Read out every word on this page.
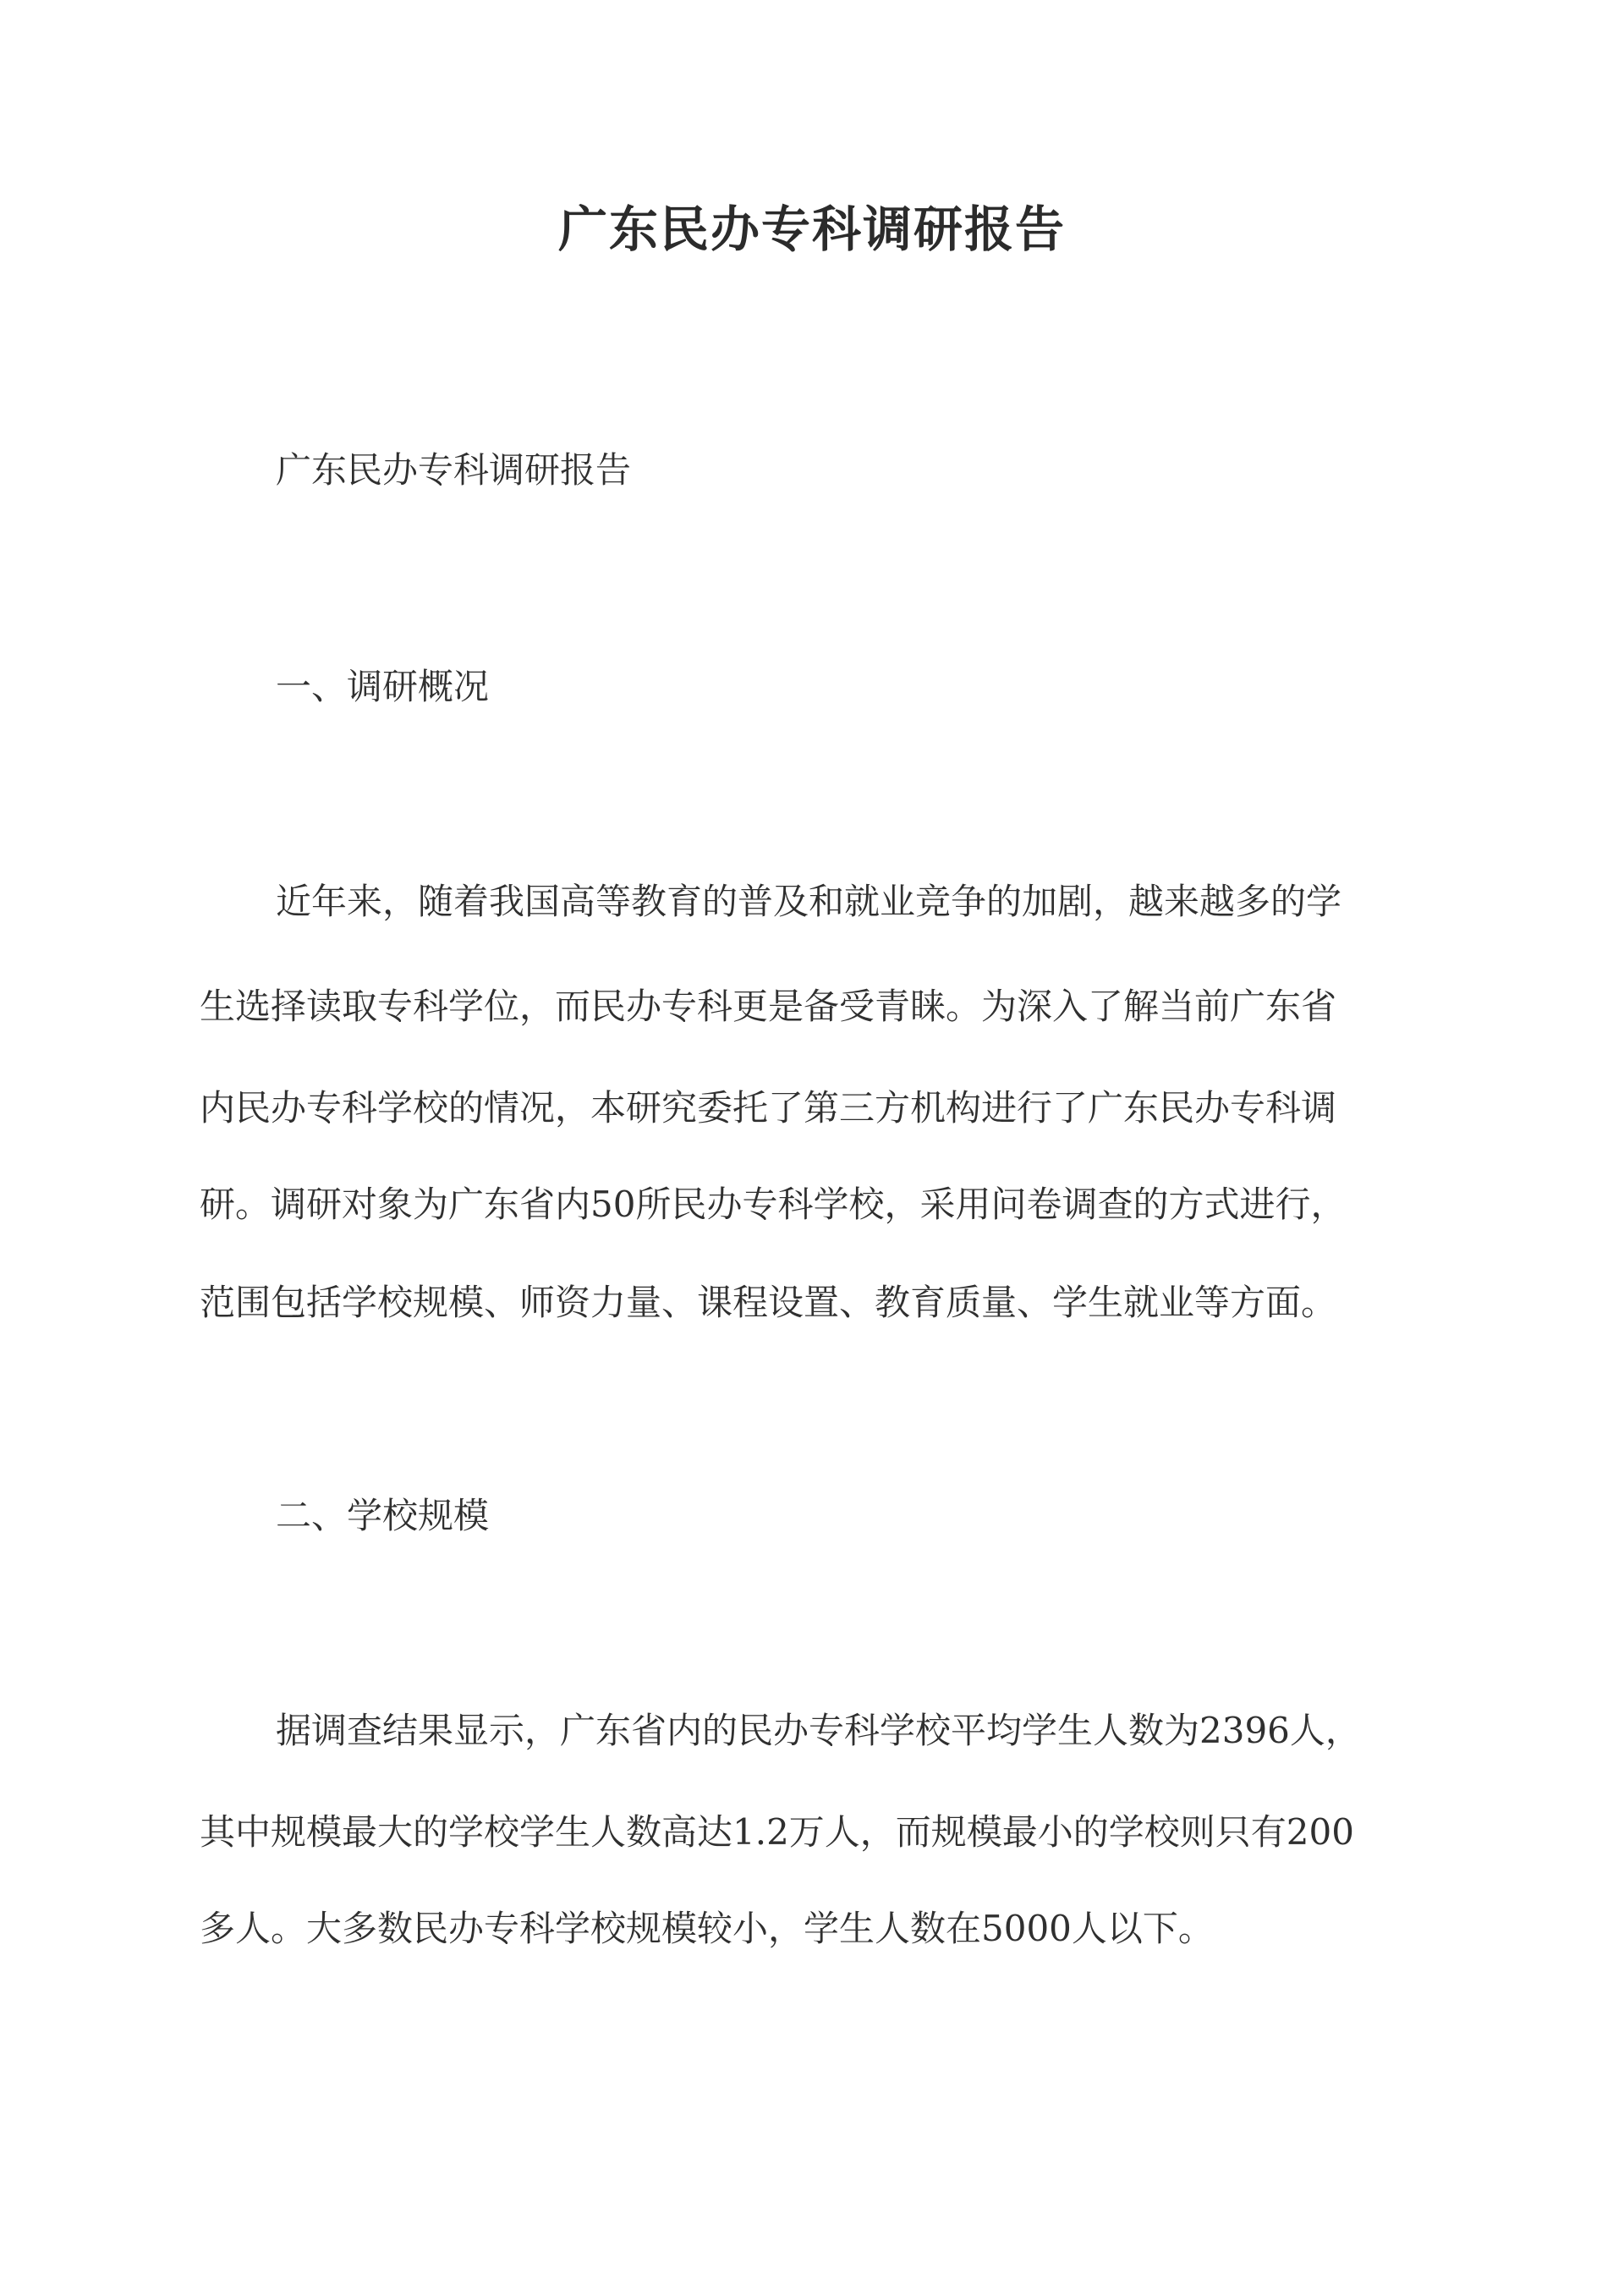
广东民办专科调研报告
广东民办专科调研报告
一、调研概况
近年来，随着我国高等教育的普及和就业竞争的加剧，越来越多的学
生选择读取专科学位，而民办专科更是备受青睐。为深入了解当前广东省
内民办专科学校的情况，本研究委托了第三方机构进行了广东民办专科调
研。调研对象为广东省内50所民办专科学校，采用问卷调查的方式进行，
范围包括学校规模、师资力量、课程设置、教育质量、学生就业等方面。
二、学校规模
据调查结果显示，广东省内的民办专科学校平均学生人数为2396人，
其中规模最大的学校学生人数高达1.2万人，而规模最小的学校则只有200
多人。大多数民办专科学校规模较小，学生人数在5000人以下。
